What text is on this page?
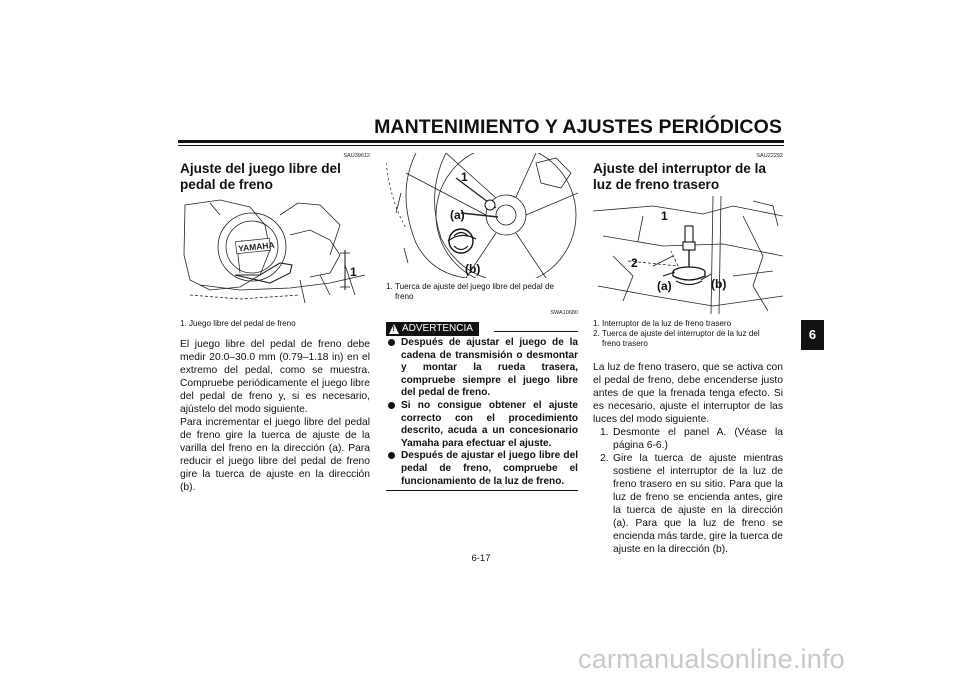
MANTENIMIENTO Y AJUSTES PERIÓDICOS
SAU39612
Ajuste del juego libre del pedal de freno
YAMAHA
1
1. Juego libre del pedal de freno

El juego libre del pedal de freno debe medir 20.0–30.0 mm (0.79–1.18 in) en el extremo del pedal, como se muestra. Compruebe periódicamente el juego libre del pedal de freno y, si es necesario, ajústelo del modo siguiente.

Para incrementar el juego libre del pedal de freno gire la tuerca de ajuste de la varilla del freno en la dirección (a). Para reducir el juego libre del pedal de freno gire la tuerca de ajuste en la dirección (b).

1
(a)
(b)
1. Tuerca de ajuste del juego libre del pedal de
freno
SWA10680
! ADVERTENCIA
Después de ajustar el juego de la cadena de transmisión o desmontar y montar la rueda trasera, compruebe siempre el juego libre del pedal de freno.
Si no consigue obtener el ajuste correcto con el procedimiento descrito, acuda a un concesionario Yamaha para efectuar el ajuste.
Después de ajustar el juego libre del pedal de freno, compruebe el funcionamiento de la luz de freno.
SAU22292
Ajuste del interruptor de la luz de freno trasero
1
2
(a)	(b)
1. Interruptor de la luz de freno trasero
2. Tuerca de ajuste del interruptor de la luz del
freno trasero

La luz de freno trasero, que se activa con el pedal de freno, debe encenderse justo antes de que la frenada tenga efecto. Si es necesario, ajuste el interruptor de las luces del modo siguiente.

1. Desmonte el panel A. (Véase la página 6-6.)
2. Gire la tuerca de ajuste mientras sostiene el interruptor de la luz de freno trasero en su sitio. Para que la luz de freno se encienda antes, gire la tuerca de ajuste en la dirección (a). Para que la luz de freno se encienda más tarde, gire la tuerca de ajuste en la dirección (b).
6
6-17
carmanualsonline.info
